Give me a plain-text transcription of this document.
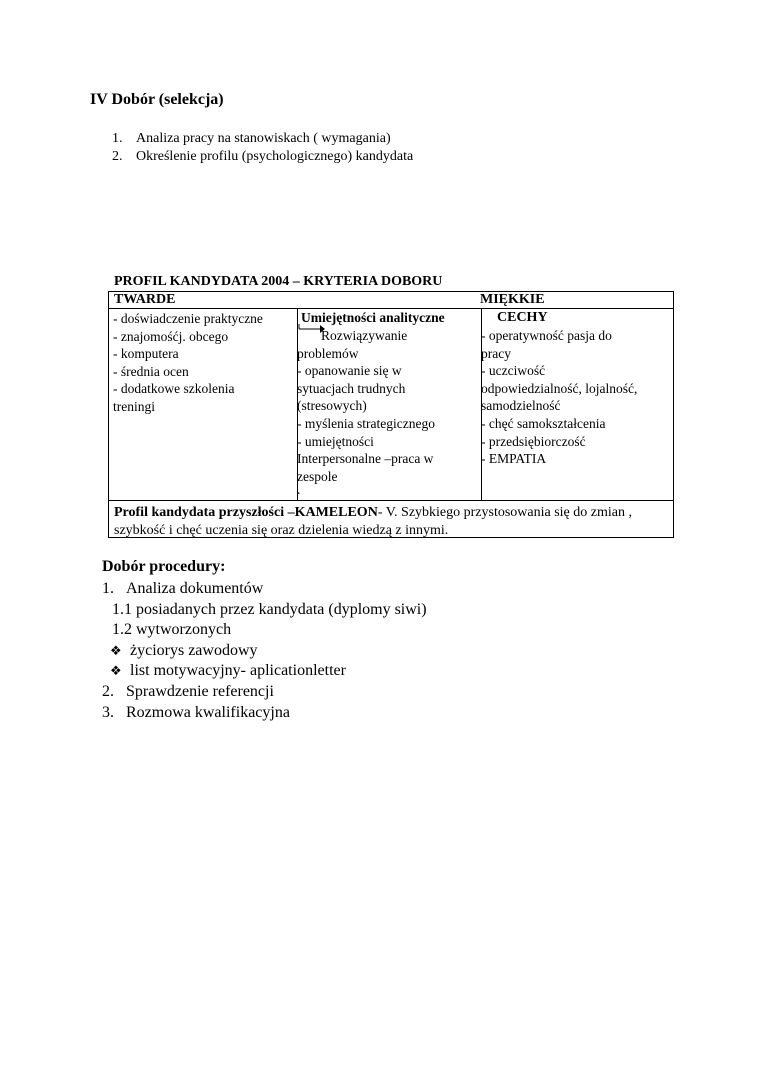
IV Dobór (selekcja)
1. Analiza pracy na stanowiskach ( wymagania)
2. Określenie profilu (psychologicznego) kandydata
PROFIL KANDYDATA 2004 – KRYTERIA DOBORU
TWARDE	MIĘKKIE
- doświadczenie praktyczne
- znajomośćj. obcego
- komputera
- średnia ocen
- dodatkowe szkolenia
treningi
Umiejętności analityczne
Rozwiązywanie
problemów
- opanowanie się w
sytuacjach trudnych
(stresowych)
- myślenia strategicznego
- umiejętności
Interpersonalne –praca w
zespole
.
CECHY
- operatywność pasja do
pracy
- uczciwość
odpowiedzialność, lojalność,
samodzielność
- chęć samokształcenia
- przedsiębiorczość
- EMPATIA
Profil kandydata przyszłości –KAMELEON- V. Szybkiego przystosowania się do zmian , szybkość i chęć uczenia się oraz dzielenia wiedzą z innymi.
Dobór procedury:
1. Analiza dokumentów
1.1 posiadanych przez kandydata (dyplomy siwi)
1.2 wytworzonych
❖ życiorys zawodowy
❖ list motywacyjny- aplicationletter
2. Sprawdzenie referencji
3. Rozmowa kwalifikacyjna
